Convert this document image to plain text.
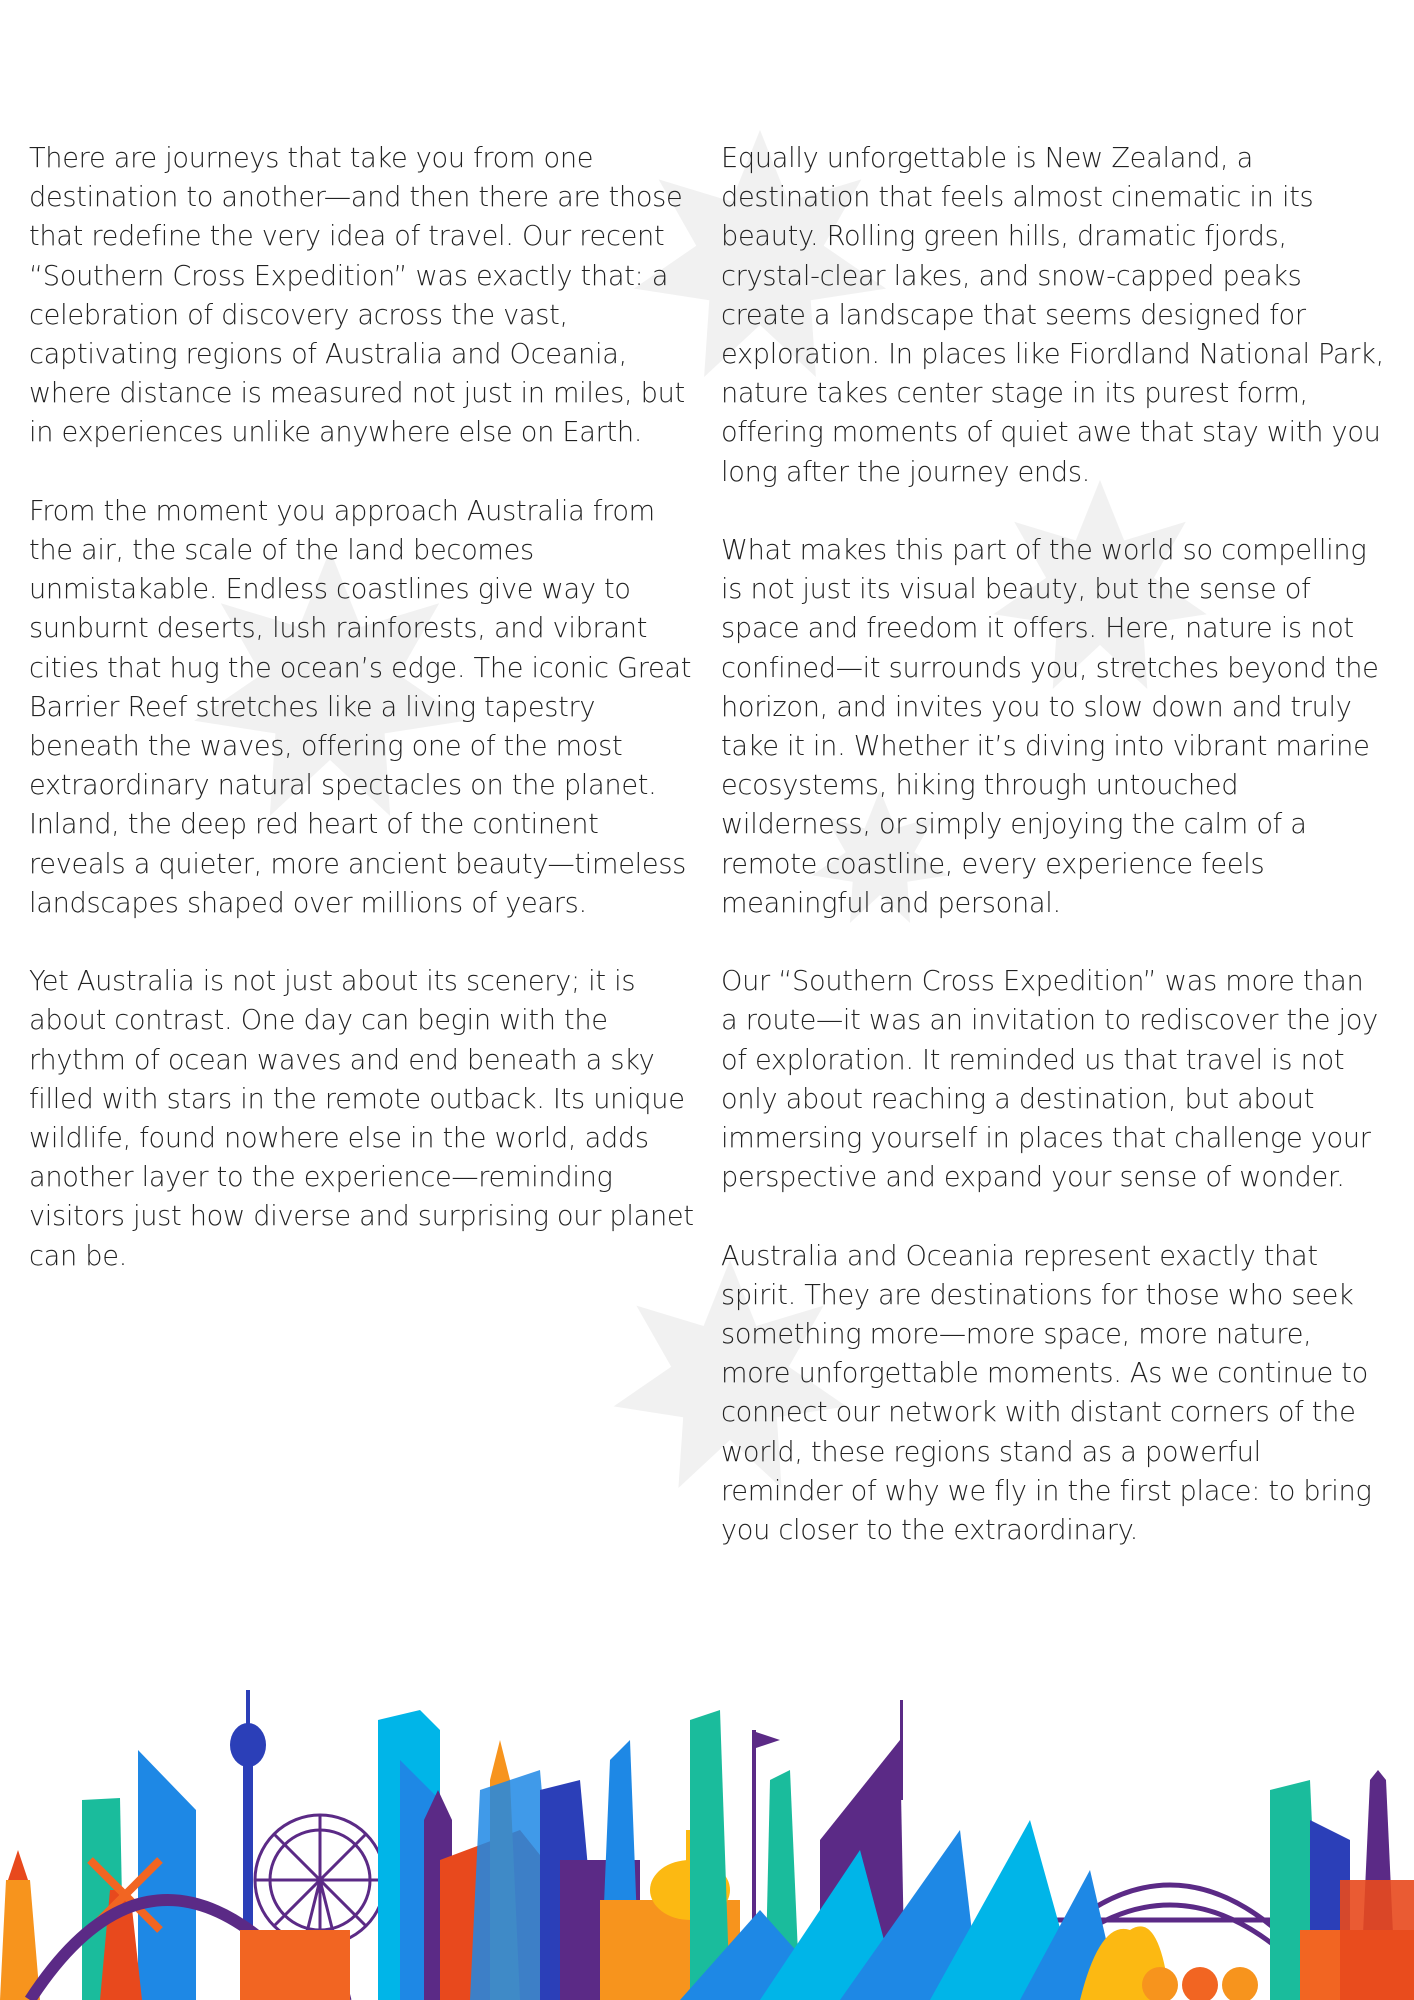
There are journeys that take you from one destination to another—and then there are those that redefine the very idea of travel. Our recent “Southern Cross Expedition” was exactly that: a celebration of discovery across the vast, captivating regions of Australia and Oceania, where distance is measured not just in miles, but in experiences unlike anywhere else on Earth.

From the moment you approach Australia from the air, the scale of the land becomes unmistakable. Endless coastlines give way to sunburnt deserts, lush rainforests, and vibrant cities that hug the ocean’s edge. The iconic Great Barrier Reef stretches like a living tapestry beneath the waves, offering one of the most extraordinary natural spectacles on the planet. Inland, the deep red heart of the continent reveals a quieter, more ancient beauty—timeless landscapes shaped over millions of years.

Yet Australia is not just about its scenery; it is about contrast. One day can begin with the rhythm of ocean waves and end beneath a sky filled with stars in the remote outback. Its unique wildlife, found nowhere else in the world, adds another layer to the experience—reminding visitors just how diverse and surprising our planet can be.

Equally unforgettable is New Zealand, a destination that feels almost cinematic in its beauty. Rolling green hills, dramatic fjords, crystal-clear lakes, and snow-capped peaks create a landscape that seems designed for exploration. In places like Fiordland National Park, nature takes center stage in its purest form, offering moments of quiet awe that stay with you long after the journey ends.

What makes this part of the world so compelling is not just its visual beauty, but the sense of space and freedom it offers. Here, nature is not confined—it surrounds you, stretches beyond the horizon, and invites you to slow down and truly take it in. Whether it’s diving into vibrant marine ecosystems, hiking through untouched wilderness, or simply enjoying the calm of a remote coastline, every experience feels meaningful and personal.

Our “Southern Cross Expedition” was more than a route—it was an invitation to rediscover the joy of exploration. It reminded us that travel is not only about reaching a destination, but about immersing yourself in places that challenge your perspective and expand your sense of wonder.

Australia and Oceania represent exactly that spirit. They are destinations for those who seek something more—more space, more nature, more unforgettable moments. As we continue to connect our network with distant corners of the world, these regions stand as a powerful reminder of why we fly in the first place: to bring you closer to the extraordinary.
